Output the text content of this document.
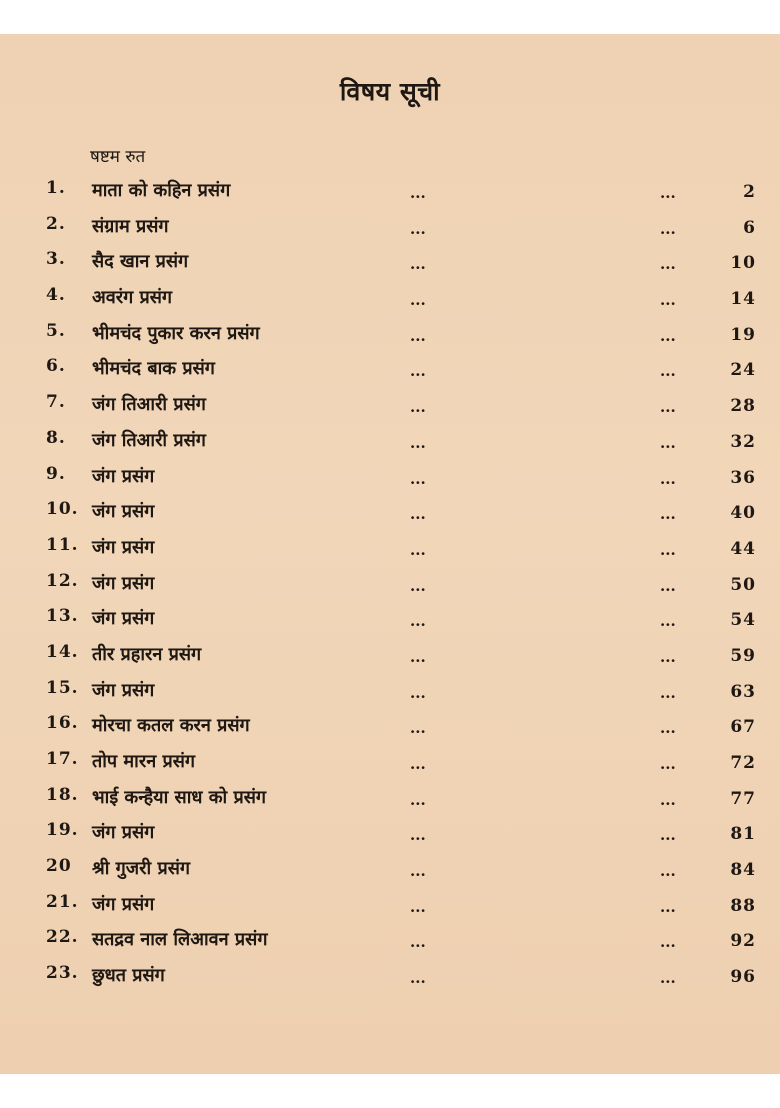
विषय सूची
षष्टम रुत
1. माता को कहिन प्रसंग	...	...	2
2. संग्राम प्रसंग	...	...	6
3. सैद खान प्रसंग	...	...	10
4. अवरंग प्रसंग	...	...	14
5. भीमचंद पुकार करन प्रसंग	...	...	19
6. भीमचंद बाक प्रसंग	...	...	24
7. जंग तिआरी प्रसंग	...	...	28
8. जंग तिआरी प्रसंग	...	...	32
9. जंग प्रसंग	...	...	36
10. जंग प्रसंग	...	...	40
11. जंग प्रसंग	...	...	44
12. जंग प्रसंग	...	...	50
13. जंग प्रसंग	...	...	54
14. तीर प्रहारन प्रसंग	...	...	59
15. जंग प्रसंग	...	...	63
16. मोरचा कतल करन प्रसंग	...	...	67
17. तोप मारन प्रसंग	...	...	72
18. भाई कन्हैया साध को प्रसंग	...	...	77
19. जंग प्रसंग	...	...	81
20 श्री गुजरी प्रसंग	...	...	84
21. जंग प्रसंग	...	...	88
22. सतद्रव नाल लिआवन प्रसंग	...	...	92
23. छुधत प्रसंग	...	...	96
